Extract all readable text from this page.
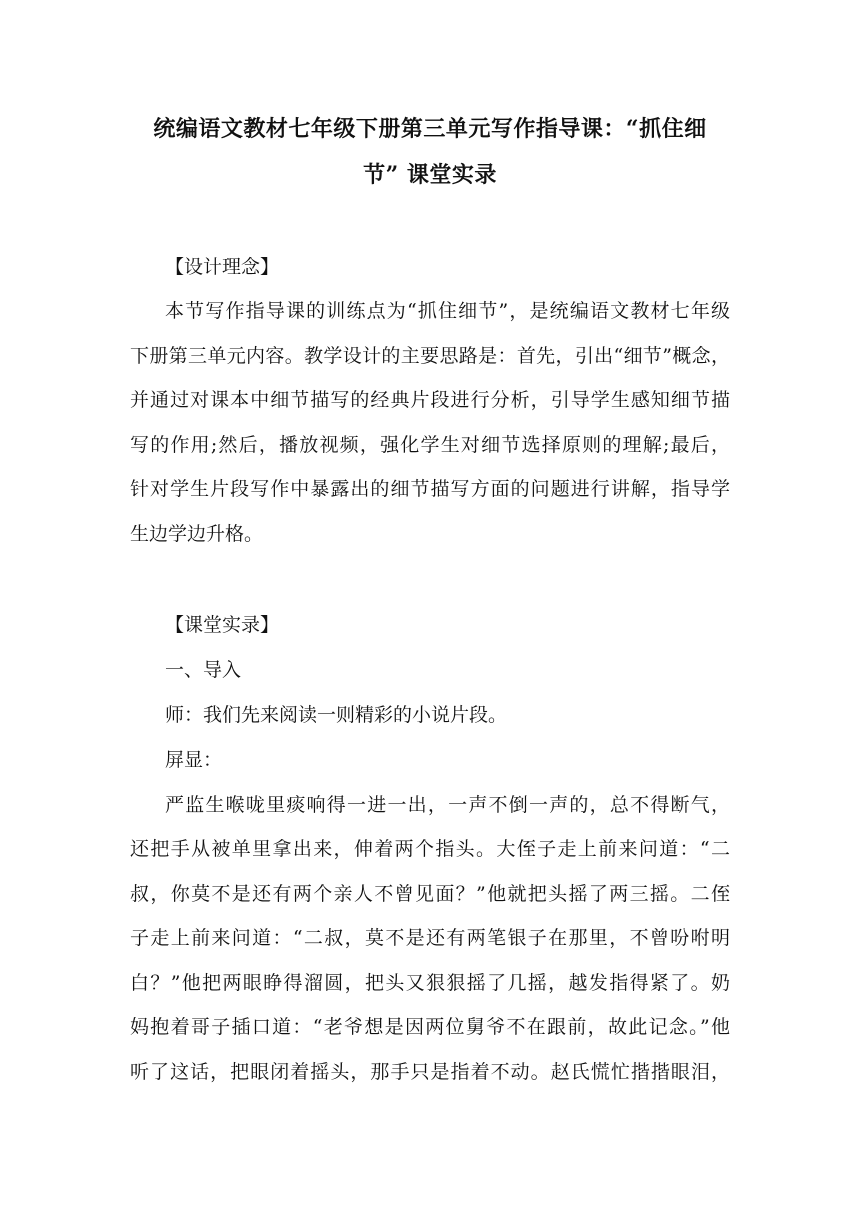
统编语文教材七年级下册第三单元写作指导课：“抓住细
节” 课堂实录
【设计理念】
本节写作指导课的训练点为“抓住细节”，是统编语文教材七年级
下册第三单元内容。教学设计的主要思路是：首先，引出“细节”概念，
并通过对课本中细节描写的经典片段进行分析，引导学生感知细节描
写的作用;然后，播放视频，强化学生对细节选择原则的理解;最后，
针对学生片段写作中暴露出的细节描写方面的问题进行讲解，指导学
生边学边升格。
【课堂实录】
一、导入
师：我们先来阅读一则精彩的小说片段。
屏显：
严监生喉咙里痰响得一进一出，一声不倒一声的，总不得断气，
还把手从被单里拿出来，伸着两个指头。大侄子走上前来问道：“二
叔，你莫不是还有两个亲人不曾见面？”他就把头摇了两三摇。二侄
子走上前来问道：“二叔，莫不是还有两笔银子在那里，不曾吩咐明
白？”他把两眼睁得溜圆，把头又狠狠摇了几摇，越发指得紧了。奶
妈抱着哥子插口道：“老爷想是因两位舅爷不在跟前，故此记念。”他
听了这话，把眼闭着摇头，那手只是指着不动。赵氏慌忙揩揩眼泪，
